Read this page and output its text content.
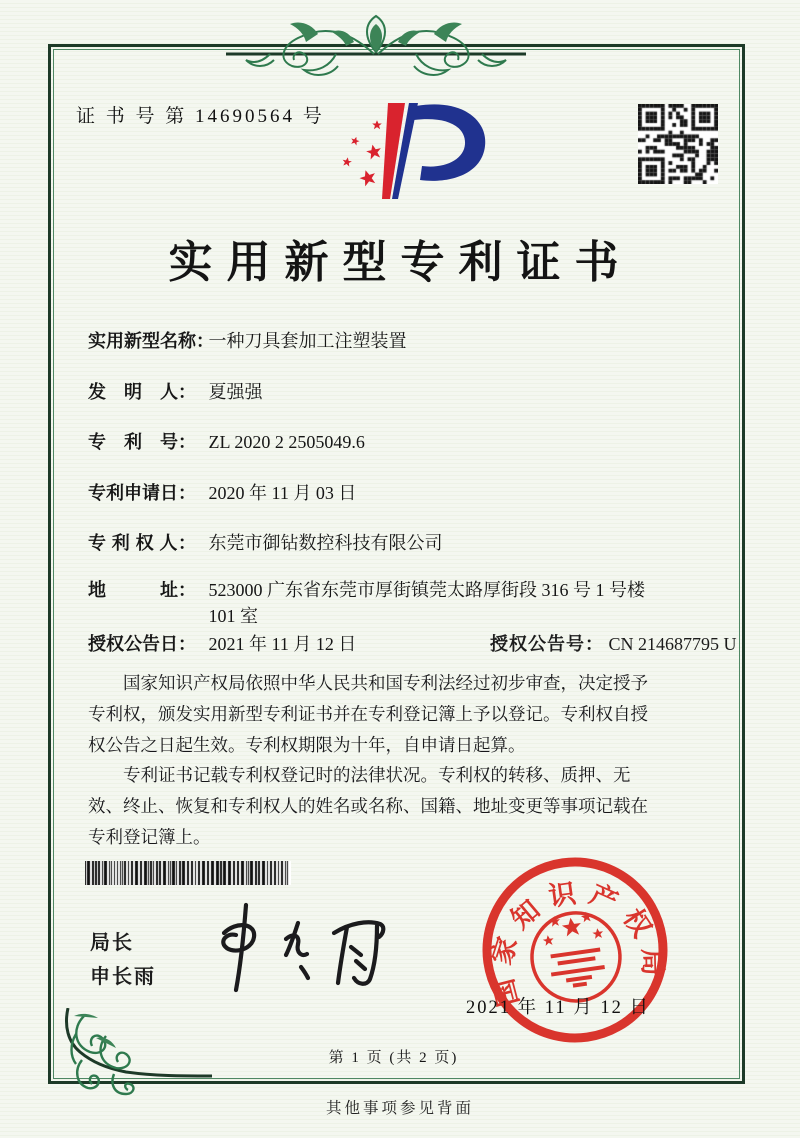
证 书 号 第 14690564 号
实用新型专利证书
实用新型名称： 一种刀具套加工注塑装置
发　明　人： 夏强强
专　利　号： ZL 2020 2 2505049.6
专利申请日： 2020 年 11 月 03 日
专 利 权 人： 东莞市御钻数控科技有限公司
地　　　址： 523000 广东省东莞市厚街镇莞太路厚街段 316 号 1 号楼 101 室
授权公告日： 2021 年 11 月 12 日	授权公告号： CN 214687795 U

国家知识产权局依照中华人民共和国专利法经过初步审查，决定授予专利权，颁发实用新型专利证书并在专利登记簿上予以登记。专利权自授权公告之日起生效。专利权期限为十年，自申请日起算。

专利证书记载专利权登记时的法律状况。专利权的转移、质押、无效、终止、恢复和专利权人的姓名或名称、国籍、地址变更等事项记载在专利登记簿上。

局长
申长雨	国家知识产权局
2021 年 11 月 12 日
第 1 页 (共 2 页)
其他事项参见背面
